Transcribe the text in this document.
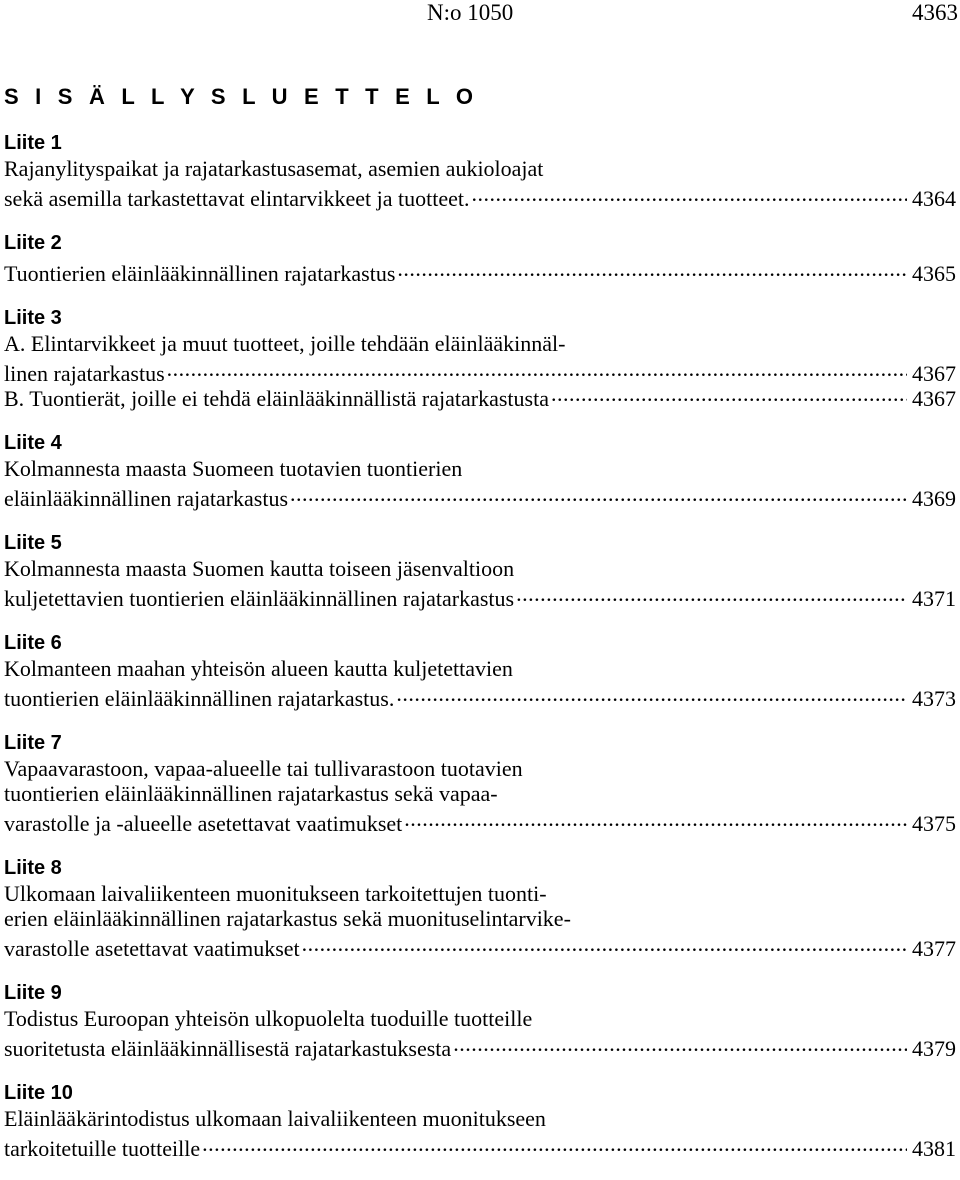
N:o 1050	4363
S I S Ä L L Y S L U E T T E L O
Liite 1
Rajanylityspaikat ja rajatarkastusasemat, asemien aukioloajat
sekä asemilla tarkastettavat elintarvikkeet ja tuotteet. .....	4364
Liite 2
Tuontierien eläinlääkinnällinen rajatarkastus .....	4365
Liite 3
A. Elintarvikkeet ja muut tuotteet, joille tehdään eläinlääkinnäl-
linen rajatarkastus .....	4367
B. Tuontierät, joille ei tehdä eläinlääkinnällistä rajatarkastusta .....	4367
Liite 4
Kolmannesta maasta Suomeen tuotavien tuontierien
eläinlääkinnällinen rajatarkastus .....	4369
Liite 5
Kolmannesta maasta Suomen kautta toiseen jäsenvaltioon
kuljetettavien tuontierien eläinlääkinnällinen rajatarkastus .....	4371
Liite 6
Kolmanteen maahan yhteisön alueen kautta kuljetettavien
tuontierien eläinlääkinnällinen rajatarkastus. .....	4373
Liite 7
Vapaavarastoon, vapaa-alueelle tai tullivarastoon tuotavien
tuontierien eläinlääkinnällinen rajatarkastus sekä vapaa-
varastolle ja -alueelle asetettavat vaatimukset .....	4375
Liite 8
Ulkomaan laivaliikenteen muonitukseen tarkoitettujen tuonti-
erien eläinlääkinnällinen rajatarkastus sekä muonituselintarvike-
varastolle asetettavat vaatimukset .....	4377
Liite 9
Todistus Euroopan yhteisön ulkopuolelta tuoduille tuotteille
suoritetusta eläinlääkinnällisestä rajatarkastuksesta .....	4379
Liite 10
Eläinlääkärintodistus ulkomaan laivaliikenteen muonitukseen
tarkoitetuille tuotteille .....	4381
